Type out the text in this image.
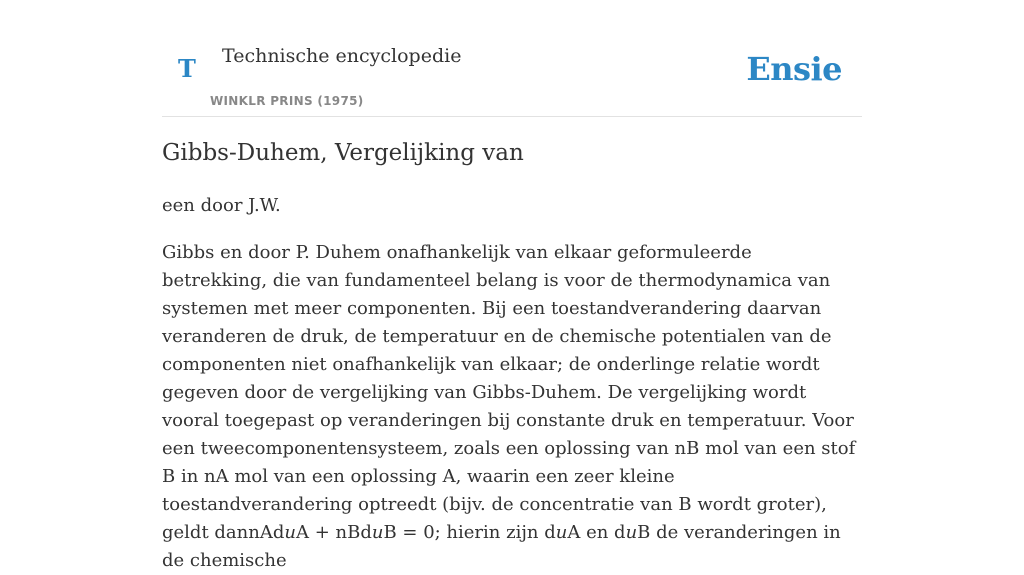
T Technische encyclopedie
WINKLR PRINS (1975)
Ensie
Gibbs-Duhem, Vergelijking van

een door J.W.

Gibbs en door P. Duhem onafhankelijk van elkaar geformuleerde betrekking, die van fundamenteel belang is voor de thermodynamica van systemen met meer componenten. Bij een toestandverandering daarvan veranderen de druk, de temperatuur en de chemische potentialen van de componenten niet onafhankelijk van elkaar; de onderlinge relatie wordt gegeven door de vergelijking van Gibbs-Duhem. De vergelijking wordt vooral toegepast op veranderingen bij constante druk en temperatuur. Voor een tweecomponentensysteem, zoals een oplossing van nB mol van een stof B in nA mol van een oplossing A, waarin een zeer kleine toestandverandering optreedt (bijv. de concentratie van B wordt groter), geldt dannAduA + nBduB = 0; hierin zijn duA en duB de veranderingen in de chemische
